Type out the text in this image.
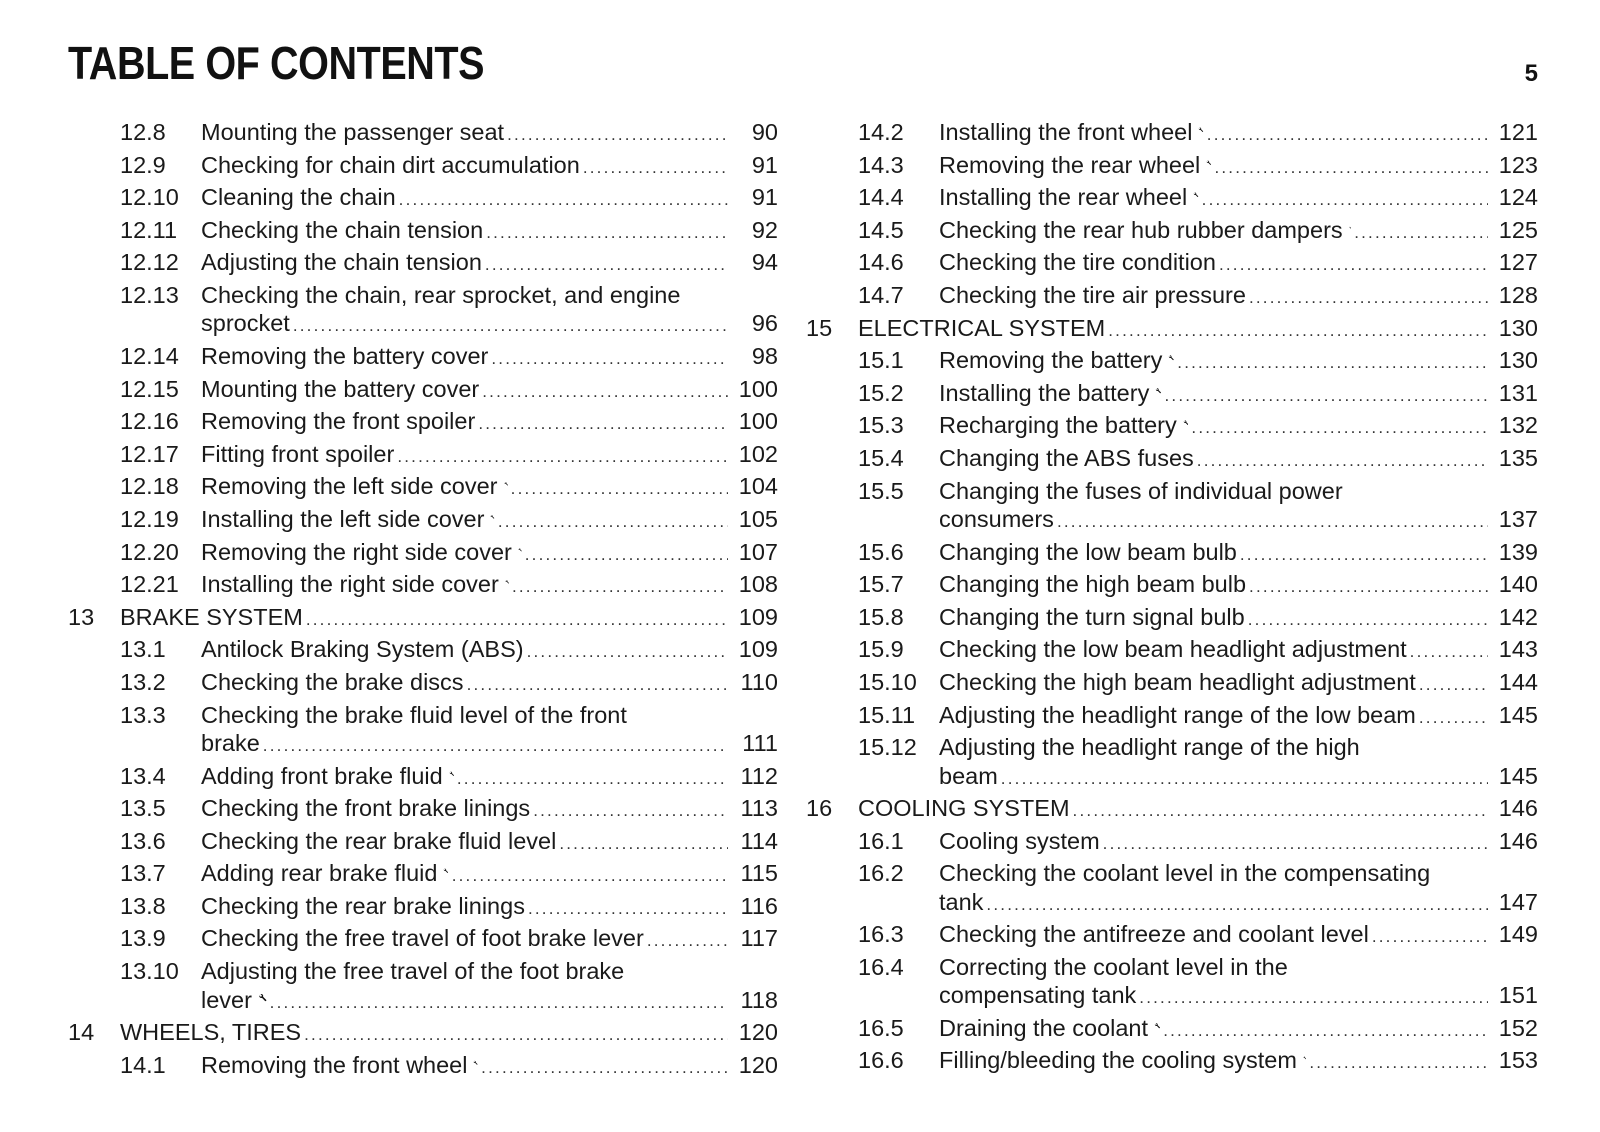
TABLE OF CONTENTS	5
12.8 Mounting the passenger seat .....	90
12.9 Checking for chain dirt accumulation .....	91
12.10 Cleaning the chain .....	91
12.11 Checking the chain tension .....	92
12.12 Adjusting the chain tension .....	94
12.13 Checking the chain, rear sprocket, and engine
sprocket .....	96
12.14 Removing the battery cover .....	98
12.15 Mounting the battery cover .....	100
12.16 Removing the front spoiler .....	100
12.17 Fitting front spoiler .....	102
12.18 Removing the left side cover .....	104
12.19 Installing the left side cover .....	105
12.20 Removing the right side cover .....	107
12.21 Installing the right side cover .....	108
13 BRAKE SYSTEM .....	109
13.1 Antilock Braking System (ABS) .....	109
13.2 Checking the brake discs .....	110
13.3 Checking the brake fluid level of the front
brake .....	111
13.4 Adding front brake fluid .....	112
13.5 Checking the front brake linings .....	113
13.6 Checking the rear brake fluid level .....	114
13.7 Adding rear brake fluid .....	115
13.8 Checking the rear brake linings .....	116
13.9 Checking the free travel of foot brake lever .....	117
13.10 Adjusting the free travel of the foot brake
lever .....	118
14 WHEELS, TIRES .....	120
14.1 Removing the front wheel .....	120
14.2 Installing the front wheel .....	121
14.3 Removing the rear wheel .....	123
14.4 Installing the rear wheel .....	124
14.5 Checking the rear hub rubber dampers .....	125
14.6 Checking the tire condition .....	127
14.7 Checking the tire air pressure .....	128
15 ELECTRICAL SYSTEM .....	130
15.1 Removing the battery .....	130
15.2 Installing the battery .....	131
15.3 Recharging the battery .....	132
15.4 Changing the ABS fuses .....	135
15.5 Changing the fuses of individual power
consumers .....	137
15.6 Changing the low beam bulb .....	139
15.7 Changing the high beam bulb .....	140
15.8 Changing the turn signal bulb .....	142
15.9 Checking the low beam headlight adjustment .....	143
15.10 Checking the high beam headlight adjustment .....	144
15.11 Adjusting the headlight range of the low beam .....	145
15.12 Adjusting the headlight range of the high
beam .....	145
16 COOLING SYSTEM .....	146
16.1 Cooling system .....	146
16.2 Checking the coolant level in the compensating
tank .....	147
16.3 Checking the antifreeze and coolant level .....	149
16.4 Correcting the coolant level in the
compensating tank .....	151
16.5 Draining the coolant .....	152
16.6 Filling/bleeding the cooling system .....	153
